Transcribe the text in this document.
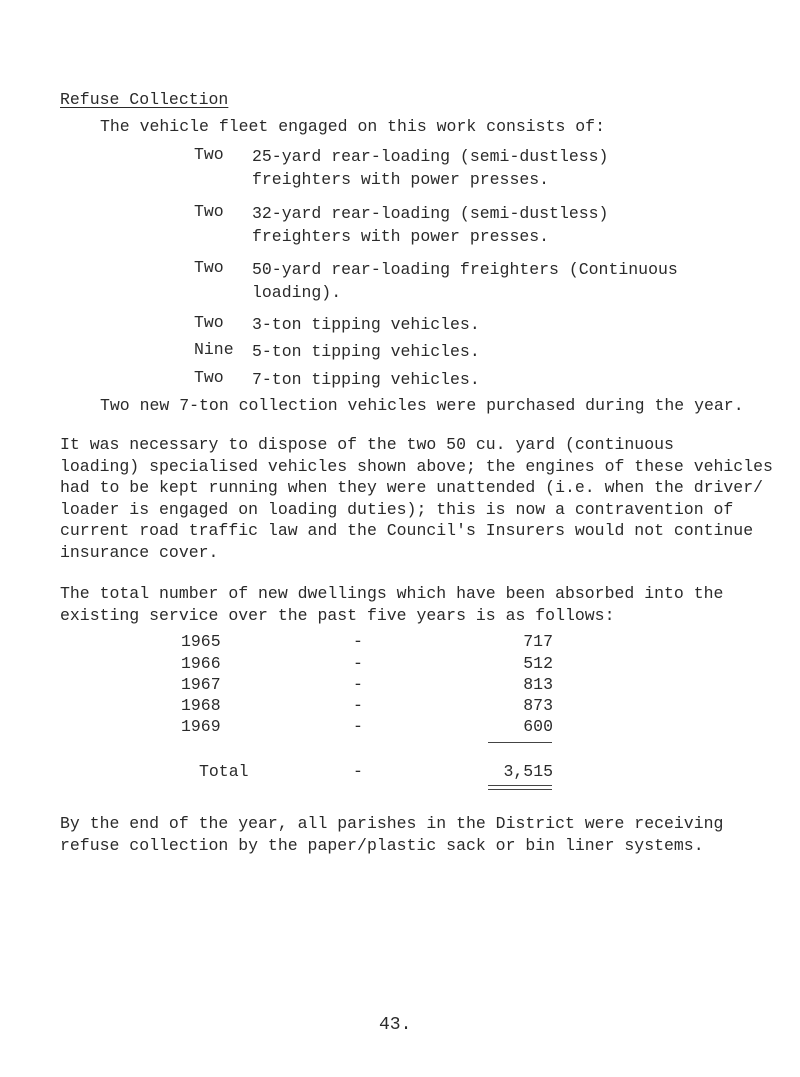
Refuse Collection
The vehicle fleet engaged on this work consists of:
Two 25-yard rear-loading (semi-dustless)
freighters with power presses.
Two 32-yard rear-loading (semi-dustless)
freighters with power presses.
Two 50-yard rear-loading freighters (Continuous
loading).
Two 3-ton tipping vehicles.
Nine 5-ton tipping vehicles.
Two 7-ton tipping vehicles.
Two new 7-ton collection vehicles were purchased during the year.
It was necessary to dispose of the two 50 cu. yard (continuous
loading) specialised vehicles shown above; the engines of these vehicles
had to be kept running when they were unattended (i.e. when the driver/
loader is engaged on loading duties); this is now a contravention of
current road traffic law and the Council's Insurers would not continue
insurance cover.
The total number of new dwellings which have been absorbed into the
existing service over the past five years is as follows:
1965	-	717
1966	-	512
1967	-	813
1968	-	873
1969	-	600
Total	-	3,515
By the end of the year, all parishes in the District were receiving
refuse collection by the paper/plastic sack or bin liner systems.
43.
